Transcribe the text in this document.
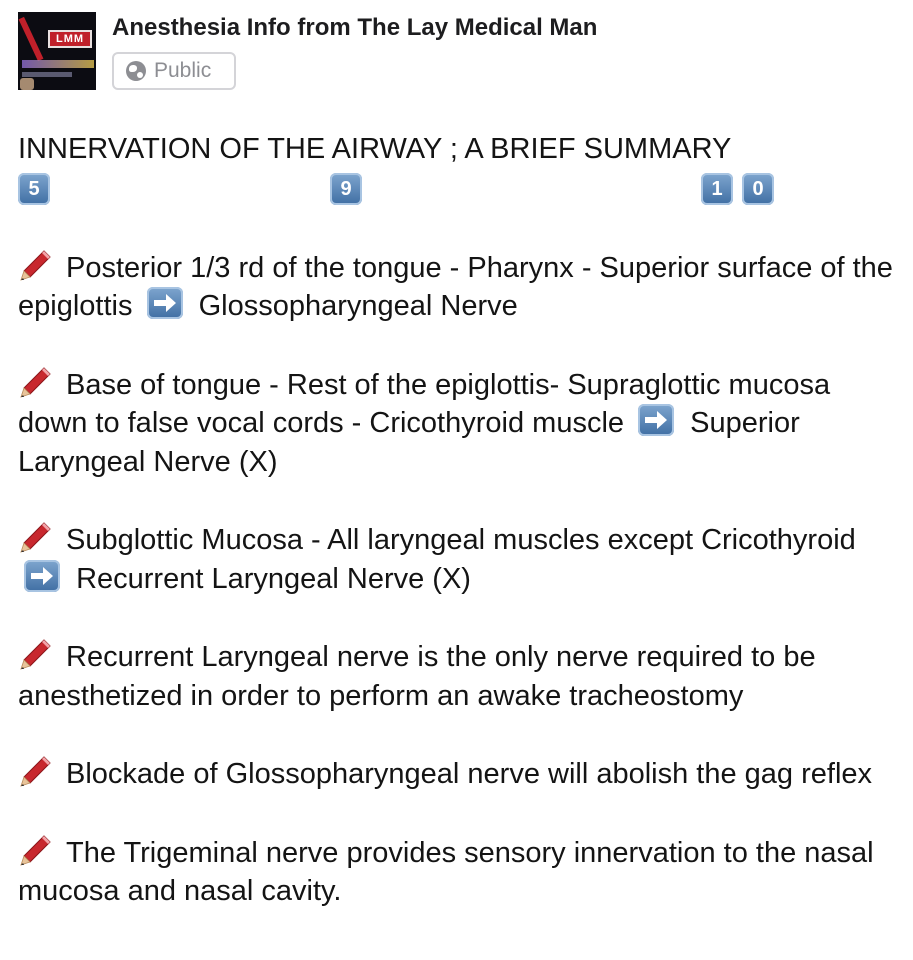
LMM	Anesthesia Info from The Lay Medical Man
Public

INNERVATION OF THE AIRWAY ; A BRIEF SUMMARY

5	9	1	0

Posterior 1/3 rd of the tongue - Pharynx - Superior surface of the epiglottis Glossopharyngeal Nerve

Base of tongue - Rest of the epiglottis- Supraglottic mucosa down to false vocal cords - Cricothyroid muscle Superior Laryngeal Nerve (X)

Subglottic Mucosa - All laryngeal muscles except Cricothyroid
Recurrent Laryngeal Nerve (X)

Recurrent Laryngeal nerve is the only nerve required to be anesthetized in order to perform an awake tracheostomy

Blockade of Glossopharyngeal nerve will abolish the gag reflex

The Trigeminal nerve provides sensory innervation to the nasal mucosa and nasal cavity.
